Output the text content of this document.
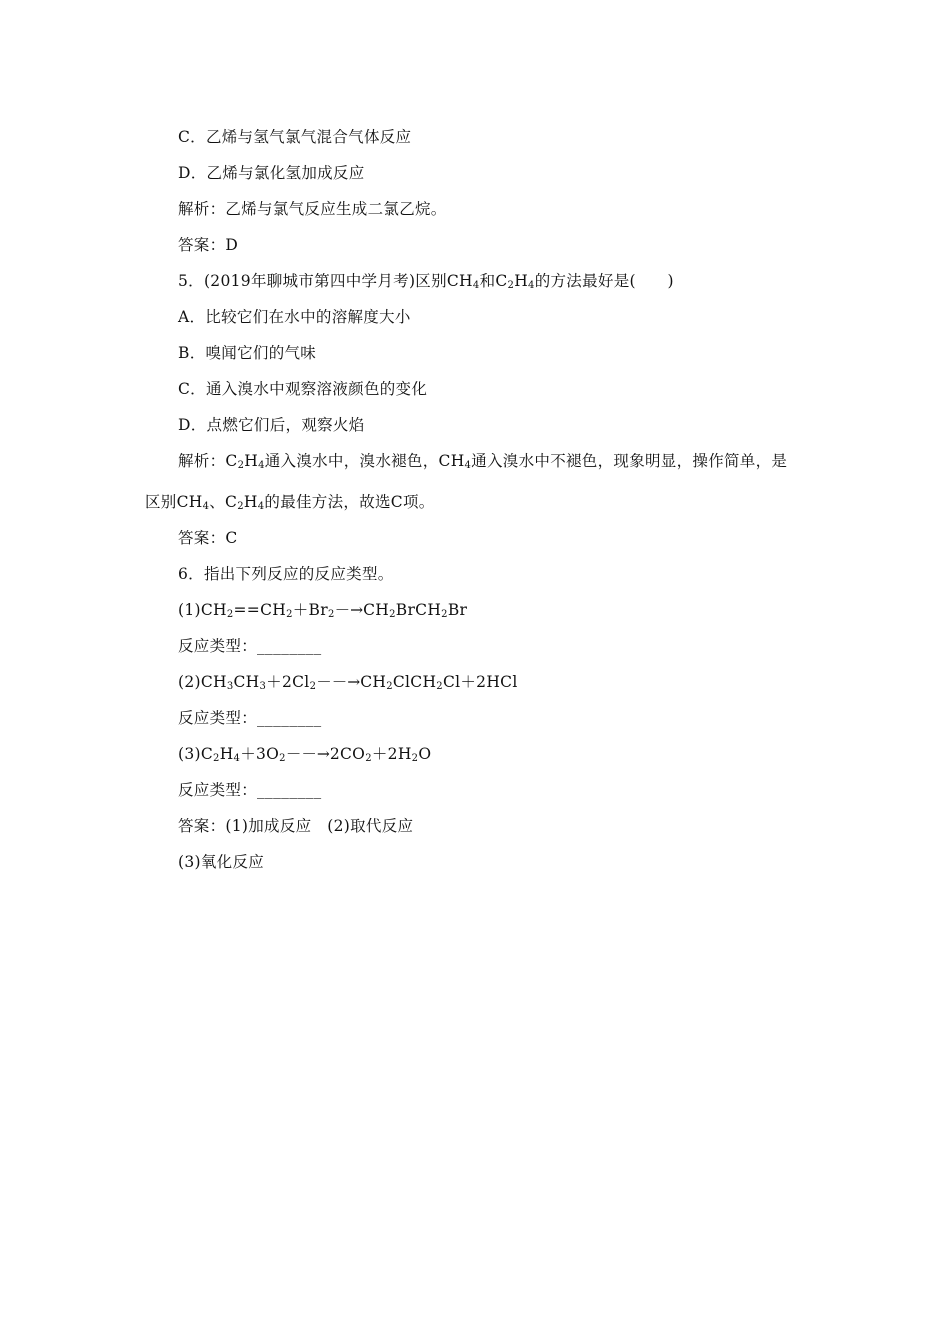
C．乙烯与氢气氯气混合气体反应
D．乙烯与氯化氢加成反应
解析：乙烯与氯气反应生成二氯乙烷。
答案：D
5．(2019年聊城市第四中学月考)区别$CH_4$和$C_2H_4$的方法最好是(　　)
A．比较它们在水中的溶解度大小
B．嗅闻它们的气味
C．通入溴水中观察溶液颜色的变化
D．点燃它们后，观察火焰
解析：$C_2H_4$通入溴水中，溴水褪色，$CH_4$通入溴水中不褪色，现象明显，操作简单，是
区别$CH_4$、$C_2H_4$的最佳方法，故选C项。
答案：C
6．指出下列反应的反应类型。
$(1)CH_2==CH_2+Br_2-\to CH_2BrCH_2Br$
反应类型：________
$(2)CH_3CH_3+2Cl_2--\to CH_2ClCH_2Cl+2HCl$
反应类型：________
$(3)C_2H_4+3O_2--\to 2CO_2+2H_2O$
反应类型：________
答案：(1)加成反应　(2)取代反应
(3)氧化反应
